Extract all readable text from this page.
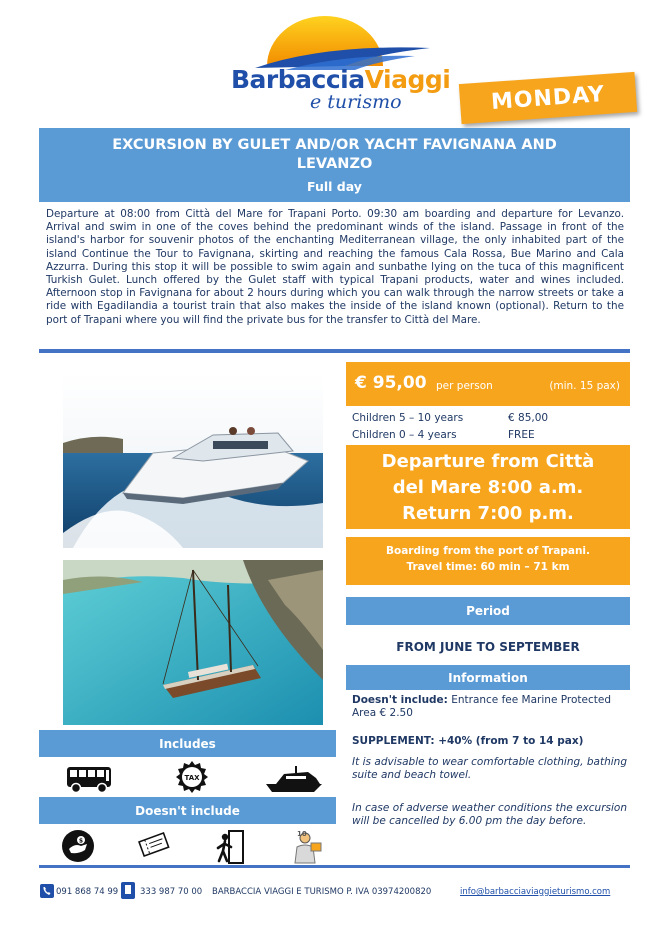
BarbacciaViaggi
e turismo	MONDAY
EXCURSION BY GULET AND/OR YACHT FAVIGNANA AND LEVANZO
Full day
Departure at 08:00 from Città del Mare for Trapani Porto. 09:30 am boarding and departure for Levanzo. Arrival and swim in one of the coves behind the predominant winds of the island. Passage in front of the island's harbor for souvenir photos of the enchanting Mediterranean village, the only inhabited part of the island Continue the Tour to Favignana, skirting and reaching the famous Cala Rossa, Bue Marino and Cala Azzurra. During this stop it will be possible to swim again and sunbathe lying on the tuca of this magnificent Turkish Gulet. Lunch offered by the Gulet staff with typical Trapani products, water and wines included. Afternoon stop in Favignana for about 2 hours during which you can walk through the narrow streets or take a ride with Egadilandia a tourist train that also makes the inside of the island known (optional). Return to the port of Trapani where you will find the private bus for the transfer to Città del Mare.
Includes
TAX
Doesn't include
$
10
€ 95,00 per person	(min. 15 pax)
Children 5 – 10 years	€ 85,00
Children 0 – 4 years	FREE
Departure from Città
del Mare 8:00 a.m.
Return 7:00 p.m.
Boarding from the port of Trapani.
Travel time: 60 min – 71 km
Period
FROM JUNE TO SEPTEMBER
Information
Doesn't include: Entrance fee Marine Protected Area € 2.50
SUPPLEMENT: +40% (from 7 to 14 pax)
It is advisable to wear comfortable clothing, bathing suite and beach towel.
In case of adverse weather conditions the excursion will be cancelled by 6.00 pm the day before.
091 868 74 99	333 987 70 00 BARBACCIA VIAGGI E TURISMO P. IVA 03974200820	info@barbacciaviaggieturismo.com
